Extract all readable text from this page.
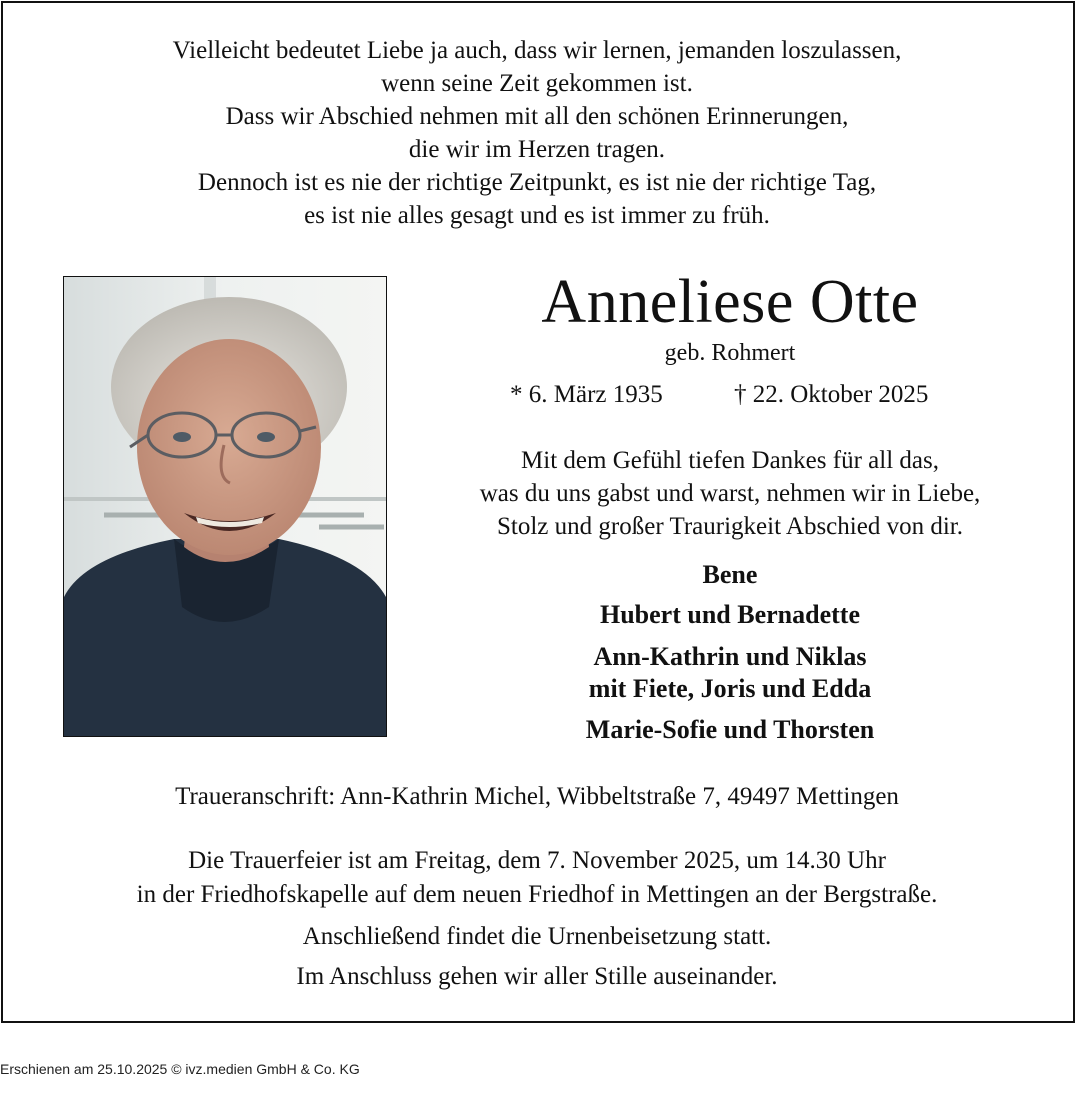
Vielleicht bedeutet Liebe ja auch, dass wir lernen, jemanden loszulassen,
wenn seine Zeit gekommen ist.
Dass wir Abschied nehmen mit all den schönen Erinnerungen,
die wir im Herzen tragen.
Dennoch ist es nie der richtige Zeitpunkt, es ist nie der richtige Tag,
es ist nie alles gesagt und es ist immer zu früh.
Anneliese Otte
geb. Rohmert
* 6. März 1935	† 22. Oktober 2025
Mit dem Gefühl tiefen Dankes für all das,
was du uns gabst und warst, nehmen wir in Liebe,
Stolz und großer Traurigkeit Abschied von dir.
Bene
Hubert und Bernadette
Ann-Kathrin und Niklas
mit Fiete, Joris und Edda
Marie-Sofie und Thorsten
Traueranschrift: Ann-Kathrin Michel, Wibbeltstraße 7, 49497 Mettingen
Die Trauerfeier ist am Freitag, dem 7. November 2025, um 14.30 Uhr
in der Friedhofskapelle auf dem neuen Friedhof in Mettingen an der Bergstraße.
Anschließend findet die Urnenbeisetzung statt.
Im Anschluss gehen wir aller Stille auseinander.
Erschienen am 25.10.2025 © ivz.medien GmbH & Co. KG
